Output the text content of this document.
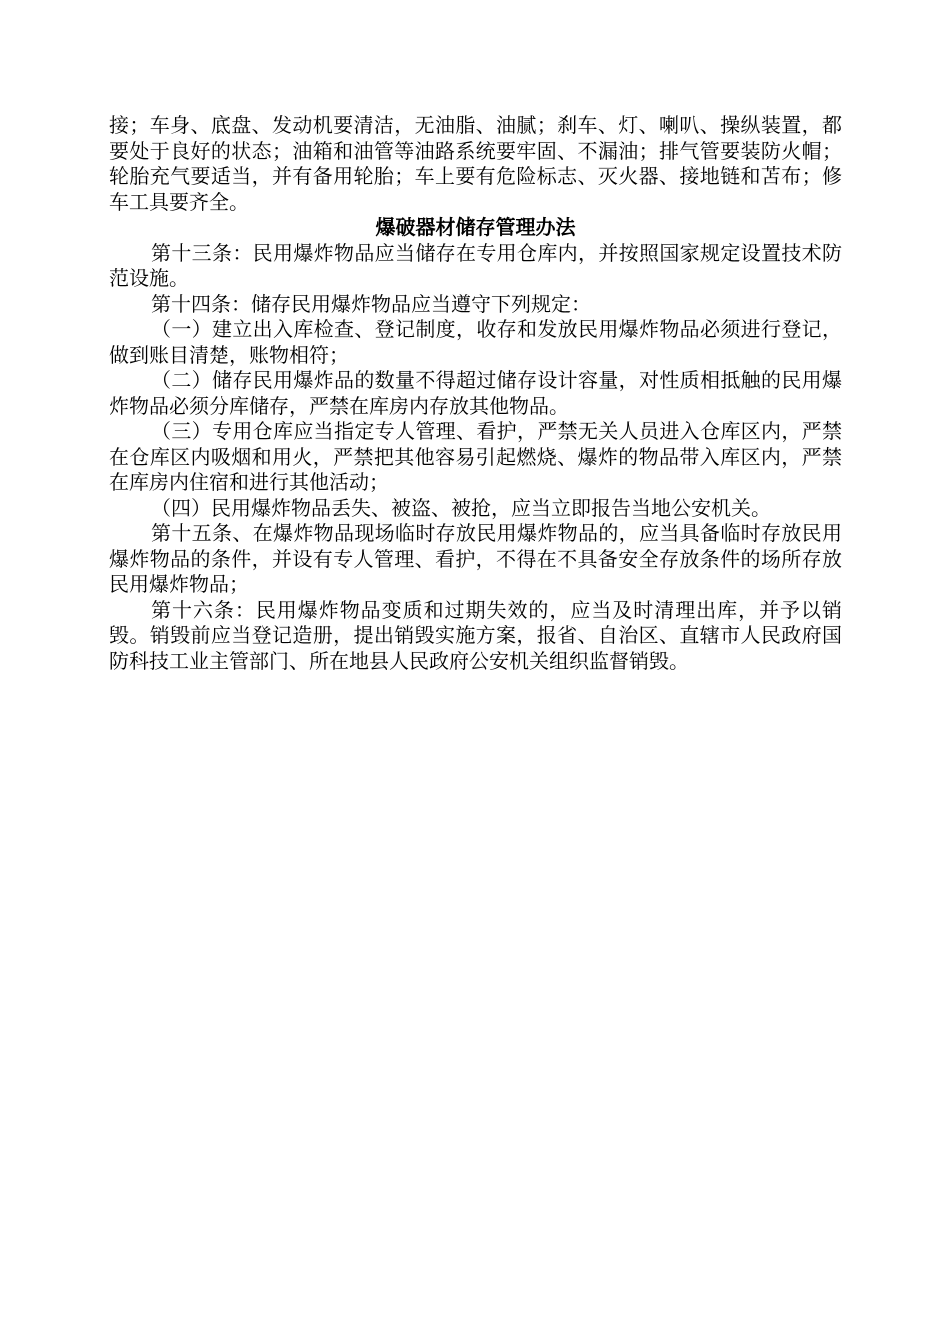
接；车身、底盘、发动机要清洁，无油脂、油腻；刹车、灯、喇叭、操纵装置，都要处于良好的状态；油箱和油管等油路系统要牢固、不漏油；排气管要装防火帽；轮胎充气要适当，并有备用轮胎；车上要有危险标志、灭火器、接地链和苫布；修车工具要齐全。

爆破器材储存管理办法

第十三条：民用爆炸物品应当储存在专用仓库内，并按照国家规定设置技术防范设施。

第十四条：储存民用爆炸物品应当遵守下列规定：

（一）建立出入库检查、登记制度，收存和发放民用爆炸物品必须进行登记，做到账目清楚，账物相符；

（二）储存民用爆炸品的数量不得超过储存设计容量，对性质相抵触的民用爆炸物品必须分库储存，严禁在库房内存放其他物品。

（三）专用仓库应当指定专人管理、看护，严禁无关人员进入仓库区内，严禁在仓库区内吸烟和用火，严禁把其他容易引起燃烧、爆炸的物品带入库区内，严禁在库房内住宿和进行其他活动；

（四）民用爆炸物品丢失、被盗、被抢，应当立即报告当地公安机关。

第十五条、在爆炸物品现场临时存放民用爆炸物品的，应当具备临时存放民用爆炸物品的条件，并设有专人管理、看护，不得在不具备安全存放条件的场所存放民用爆炸物品；

第十六条：民用爆炸物品变质和过期失效的，应当及时清理出库，并予以销毁。销毁前应当登记造册，提出销毁实施方案，报省、自治区、直辖市人民政府国防科技工业主管部门、所在地县人民政府公安机关组织监督销毁。
